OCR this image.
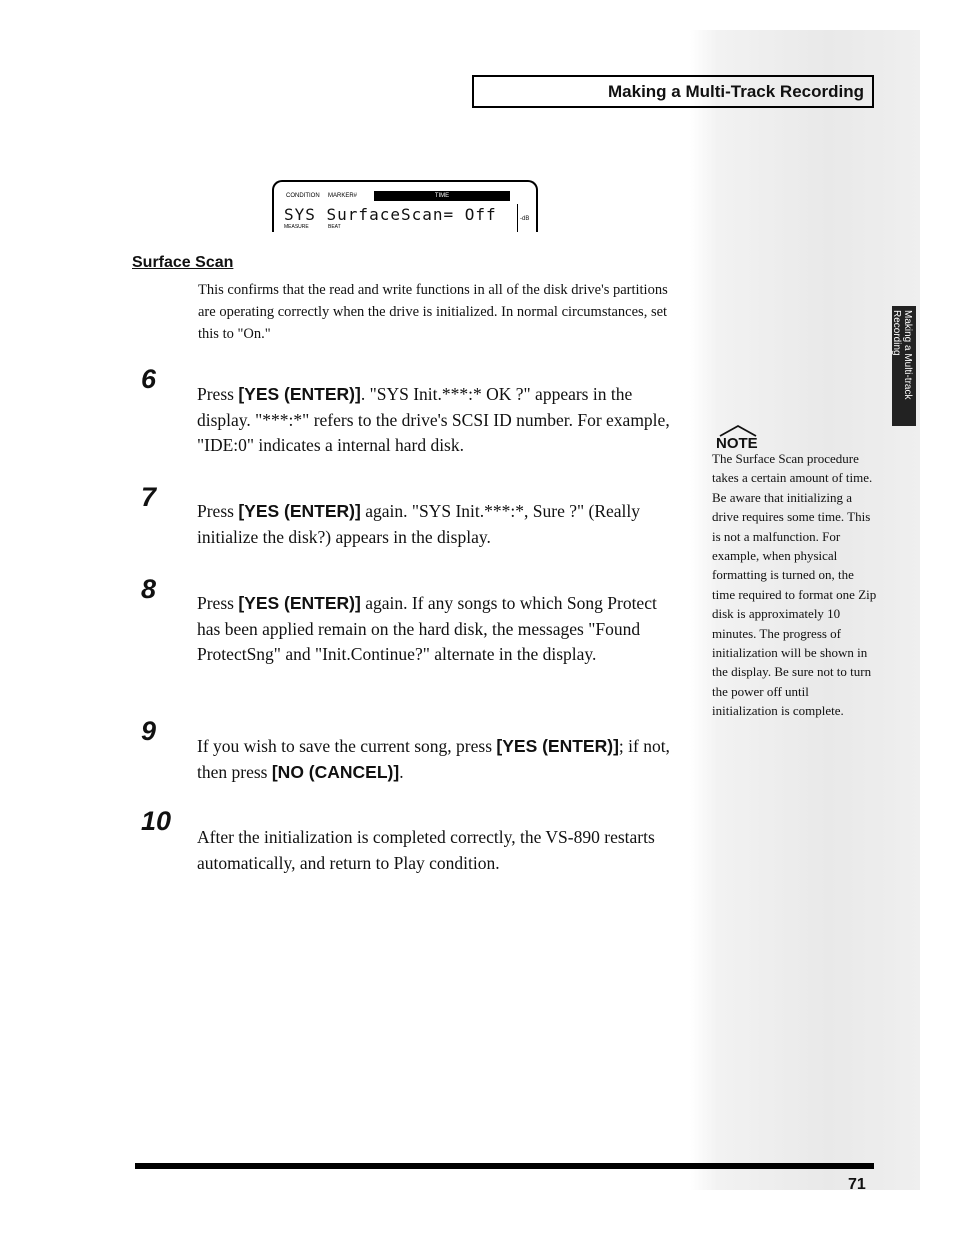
Making a Multi-Track Recording
CONDITION MARKER#	TIME
SYS SurfaceScan= Off
MEASURE	BEAT
-dB
Surface Scan
This confirms that the read and write functions in all of the disk drive's partitions are operating correctly when the drive is initialized. In normal circumstances, set this to "On."
6 Press [YES (ENTER)]. "SYS Init.***:* OK ?" appears in the display. "***:*" refers to the drive's SCSI ID number. For example, "IDE:0" indicates a internal hard disk.
7 Press [YES (ENTER)] again. "SYS Init.***:*, Sure ?" (Really initialize the disk?) appears in the display.
8 Press [YES (ENTER)] again. If any songs to which Song Protect has been applied remain on the hard disk, the messages "Found ProtectSng" and "Init.Continue?" alternate in the display.
9 If you wish to save the current song, press [YES (ENTER)]; if not, then press [NO (CANCEL)].
10
After the initialization is completed correctly, the VS-890 restarts automatically, and return to Play condition.
Making a Multi-track Recording
NOTE
The Surface Scan procedure takes a certain amount of time. Be aware that initializing a drive requires some time. This is not a malfunction. For example, when physical formatting is turned on, the time required to format one Zip disk is approximately 10 minutes. The progress of initialization will be shown in the display. Be sure not to turn the power off until initialization is complete.
71
